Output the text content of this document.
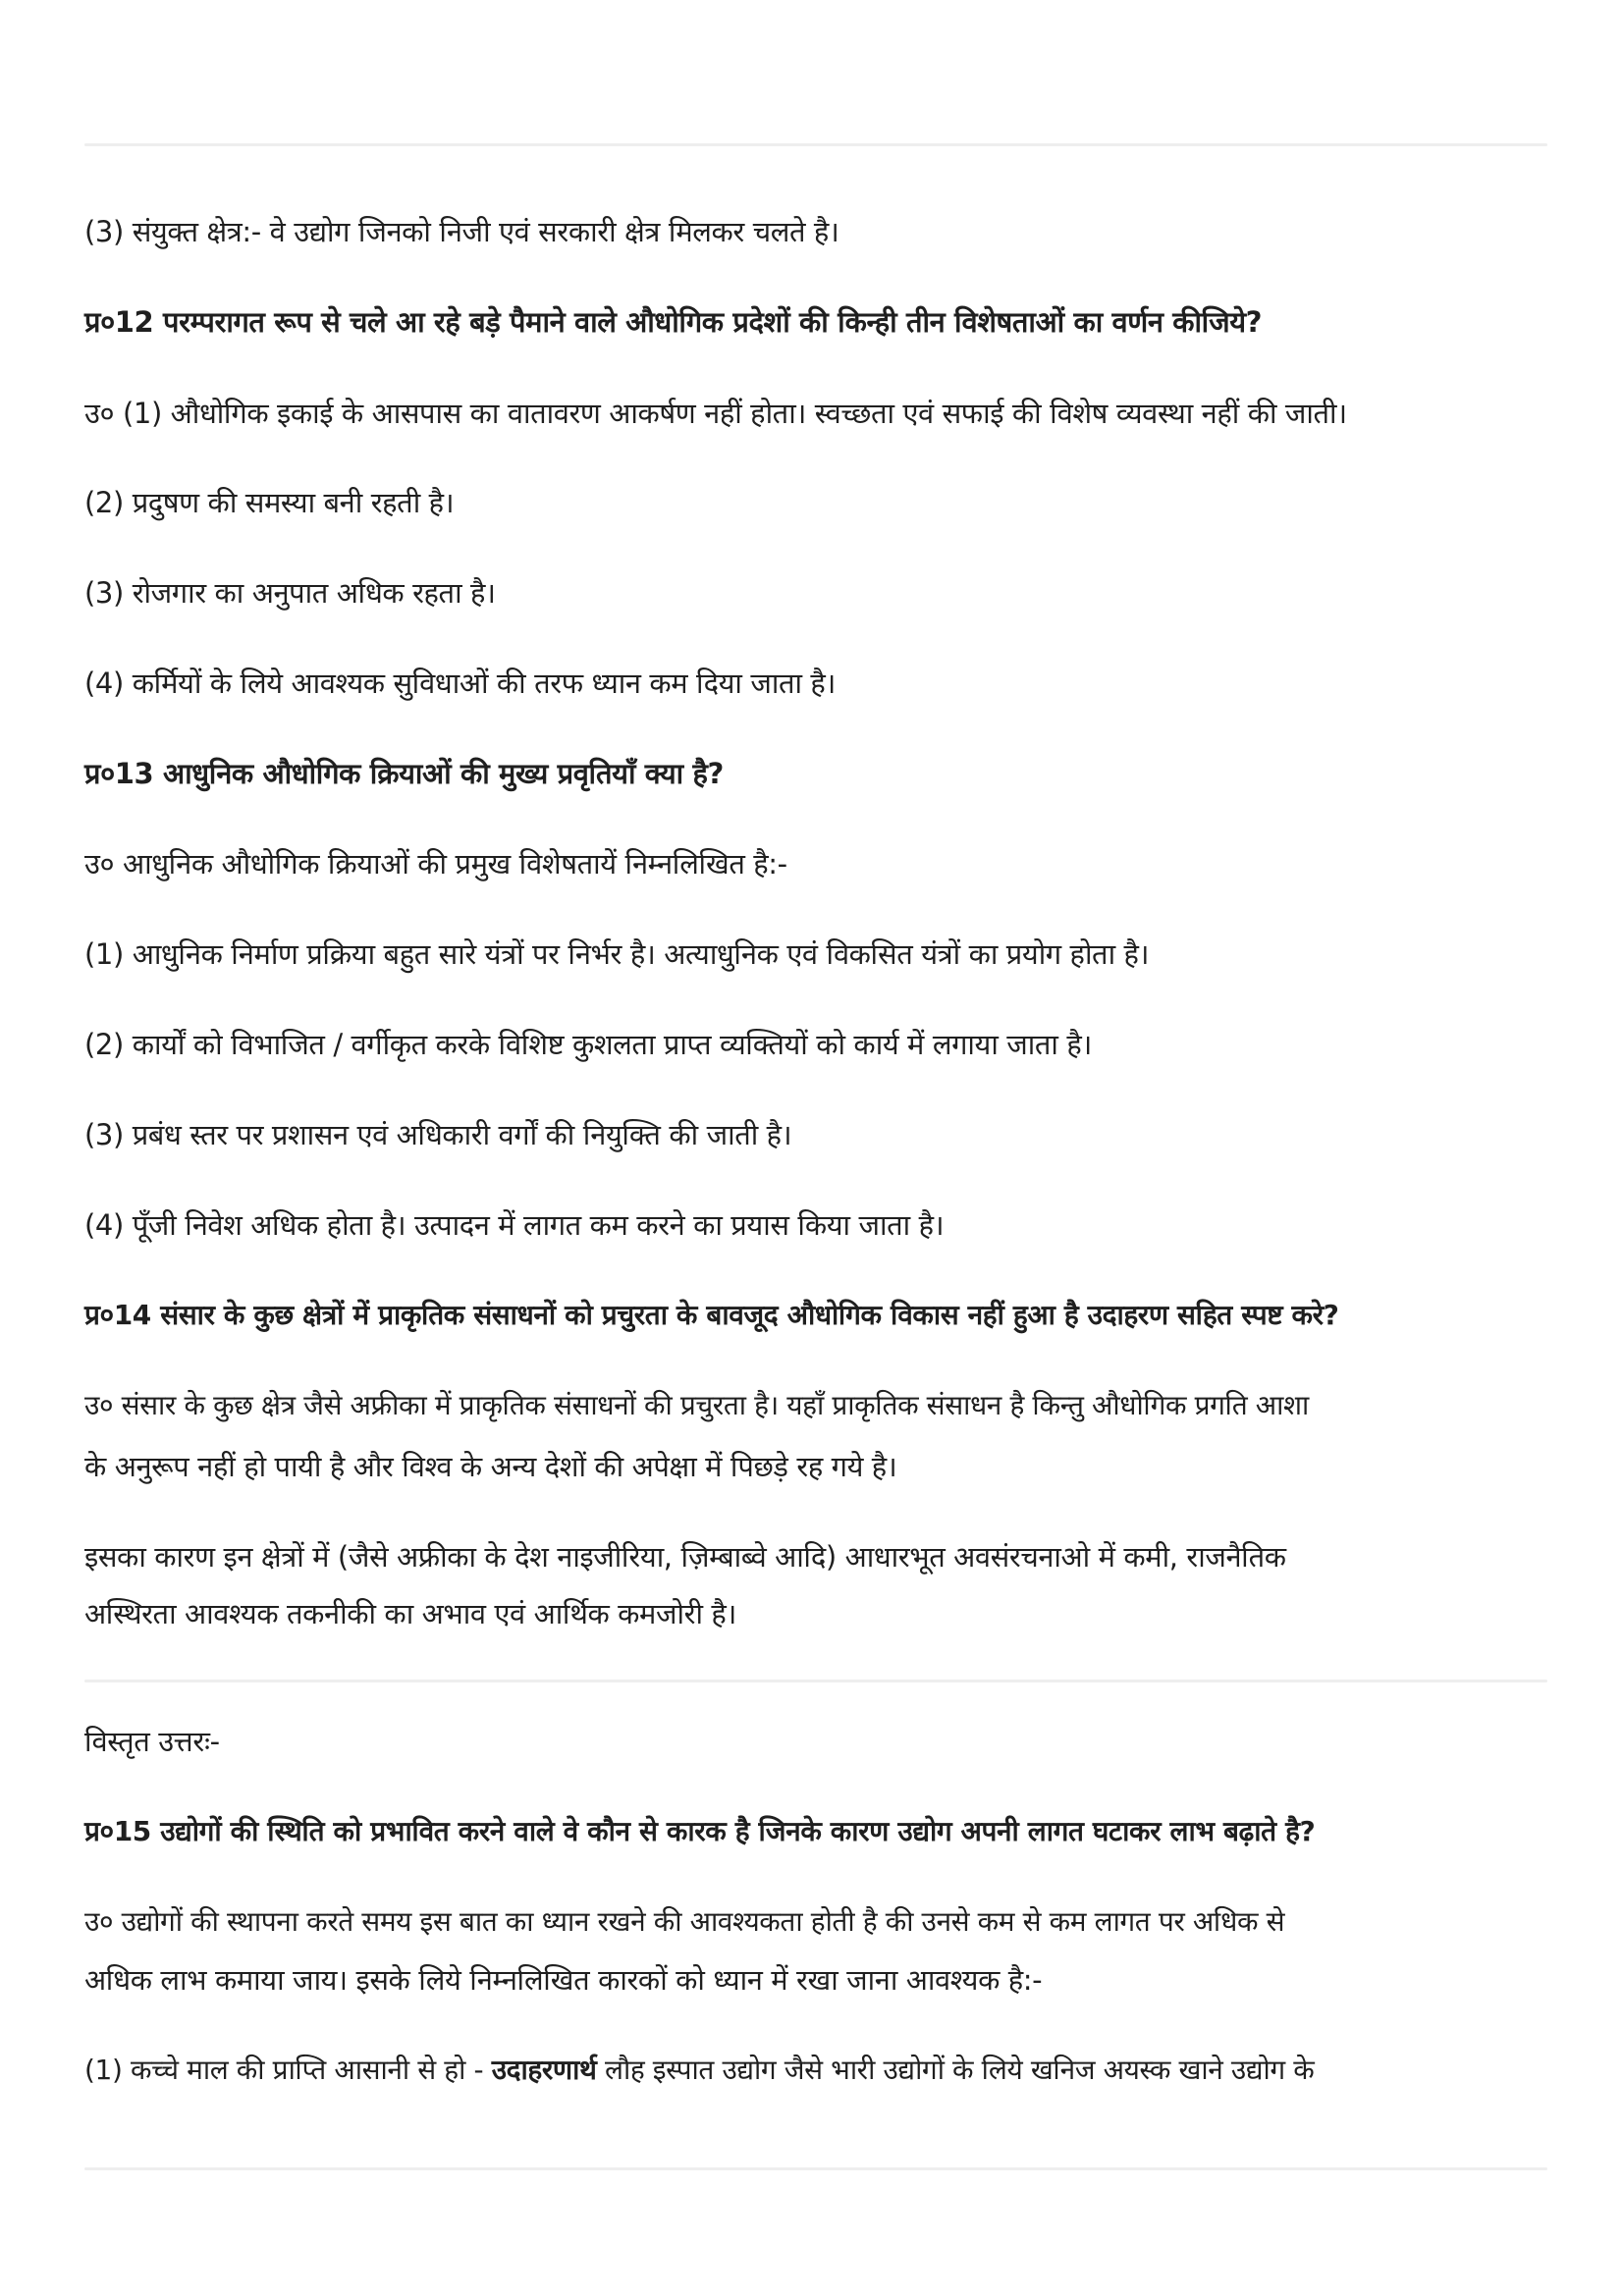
(3) संयुक्त क्षेत्र:- वे उद्योग जिनको निजी एवं सरकारी क्षेत्र मिलकर चलते है।
प्र०12 परम्परागत रूप से चले आ रहे बड़े पैमाने वाले औधोगिक प्रदेशों की किन्ही तीन विशेषताओं का वर्णन कीजिये?
उ० (1) औधोगिक इकाई के आसपास का वातावरण आकर्षण नहीं होता। स्वच्छता एवं सफाई की विशेष व्यवस्था नहीं की जाती।
(2) प्रदुषण की समस्या बनी रहती है।
(3) रोजगार का अनुपात अधिक रहता है।
(4) कर्मियों के लिये आवश्यक सुविधाओं की तरफ ध्यान कम दिया जाता है।
प्र०13 आधुनिक औधोगिक क्रियाओं की मुख्य प्रवृतियाँ क्या है?
उ० आधुनिक औधोगिक क्रियाओं की प्रमुख विशेषतायें निम्नलिखित है:-
(1) आधुनिक निर्माण प्रक्रिया बहुत सारे यंत्रों पर निर्भर है। अत्याधुनिक एवं विकसित यंत्रों का प्रयोग होता है।
(2) कार्यों को विभाजित / वर्गीकृत करके विशिष्ट कुशलता प्राप्त व्यक्तियों को कार्य में लगाया जाता है।
(3) प्रबंध स्तर पर प्रशासन एवं अधिकारी वर्गों की नियुक्ति की जाती है।
(4) पूँजी निवेश अधिक होता है। उत्पादन में लागत कम करने का प्रयास किया जाता है।
प्र०14 संसार के कुछ क्षेत्रों में प्राकृतिक संसाधनों को प्रचुरता के बावजूद औधोगिक विकास नहीं हुआ है उदाहरण सहित स्पष्ट करे?
उ० संसार के कुछ क्षेत्र जैसे अफ्रीका में प्राकृतिक संसाधनों की प्रचुरता है। यहाँ प्राकृतिक संसाधन है किन्तु औधोगिक प्रगति आशा
के अनुरूप नहीं हो पायी है और विश्व के अन्य देशों की अपेक्षा में पिछड़े रह गये है।
इसका कारण इन क्षेत्रों में (जैसे अफ्रीका के देश नाइजीरिया, ज़िम्बाब्वे आदि) आधारभूत अवसंरचनाओ में कमी, राजनैतिक
अस्थिरता आवश्यक तकनीकी का अभाव एवं आर्थिक कमजोरी है।
विस्तृत उत्तरः-
प्र०15 उद्योगों की स्थिति को प्रभावित करने वाले वे कौन से कारक है जिनके कारण उद्योग अपनी लागत घटाकर लाभ बढ़ाते है?
उ० उद्योगों की स्थापना करते समय इस बात का ध्यान रखने की आवश्यकता होती है की उनसे कम से कम लागत पर अधिक से
अधिक लाभ कमाया जाय। इसके लिये निम्नलिखित कारकों को ध्यान में रखा जाना आवश्यक है:-
(1) कच्चे माल की प्राप्ति आसानी से हो - उदाहरणार्थ लौह इस्पात उद्योग जैसे भारी उद्योगों के लिये खनिज अयस्क खाने उद्योग के
